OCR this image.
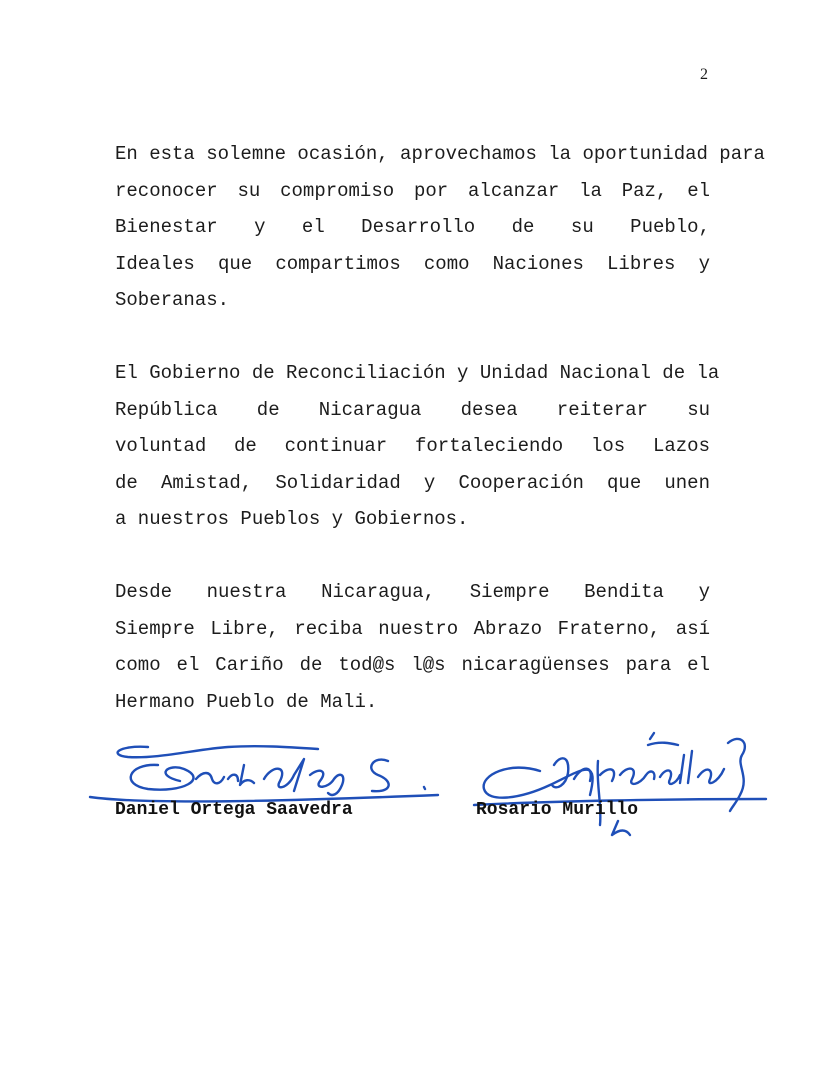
2
En esta solemne ocasión, aprovechamos la oportunidad para
reconocer su compromiso por alcanzar la Paz, el
Bienestar y el Desarrollo de su Pueblo,
Ideales que compartimos como Naciones Libres y
Soberanas.
El Gobierno de Reconciliación y Unidad Nacional de la
República de Nicaragua desea reiterar su
voluntad de continuar fortaleciendo los Lazos
de Amistad, Solidaridad y Cooperación que unen
a nuestros Pueblos y Gobiernos.
Desde nuestra Nicaragua, Siempre Bendita y
Siempre Libre, reciba nuestro Abrazo Fraterno, así
como el Cariño de tod@s l@s nicaragüenses para el
Hermano Pueblo de Mali.
Daniel Ortega Saavedra	Rosario Murillo
